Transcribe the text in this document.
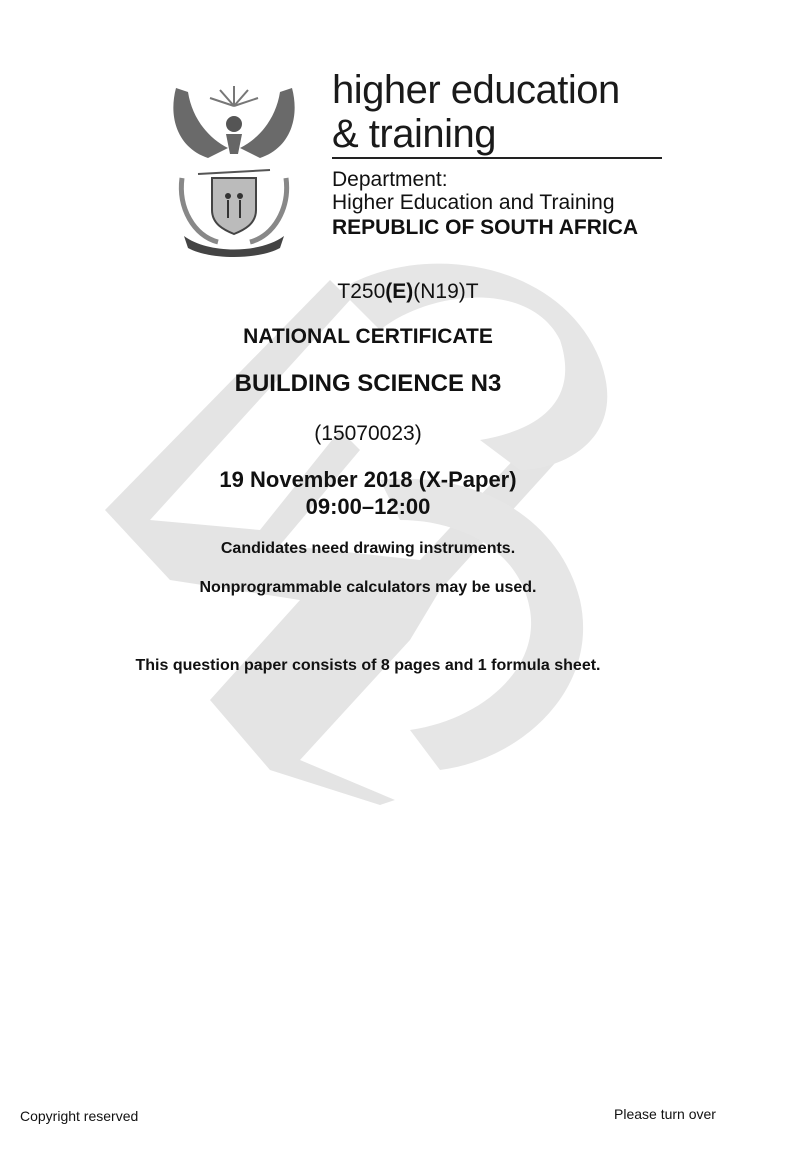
higher education
& training
Department:
Higher Education and Training
REPUBLIC OF SOUTH AFRICA
T250(E)(N19)T
NATIONAL CERTIFICATE
BUILDING SCIENCE N3
(15070023)
19 November 2018 (X-Paper)
09:00–12:00
Candidates need drawing instruments.
Nonprogrammable calculators may be used.
This question paper consists of 8 pages and 1 formula sheet.
Copyright reserved	Please turn over
